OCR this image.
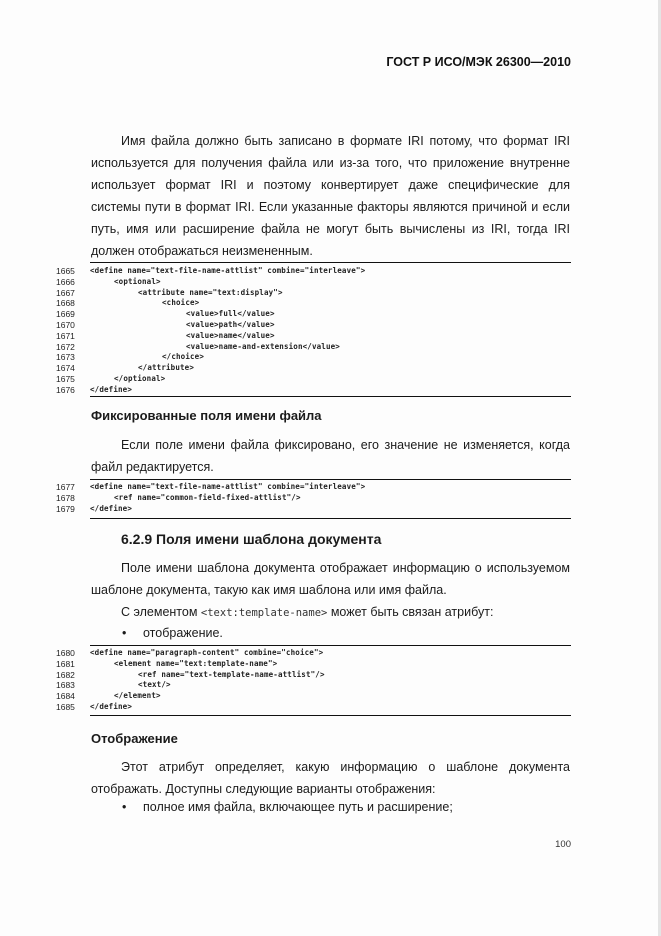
ГОСТ Р ИСО/МЭК 26300—2010

Имя файла должно быть записано в формате IRI потому, что формат IRI используется для получения файла или из-за того, что приложение внутренне использует формат IRI и поэтому конвертирует даже специфические для системы пути в формат IRI. Если указанные факторы являются причиной и если путь, имя или расширение файла не могут быть вычислены из IRI, тогда IRI должен отображаться неизмененным.

1665 <define name="text-file-name-attlist" combine="interleave">
1666	<optional>
1667	<attribute name="text:display">
1668	<choice>
1669	<value>full</value>
1670	<value>path</value>
1671	<value>name</value>
1672	<value>name-and-extension</value>
1673	</choice>
1674	</attribute>
1675	</optional>
1676 </define>
Фиксированные поля имени файла

Если поле имени файла фиксировано, его значение не изменяется, когда файл редактируется.

1677 <define name="text-file-name-attlist" combine="interleave">
1678	<ref name="common-field-fixed-attlist"/>
1679 </define>
6.2.9 Поля имени шаблона документа

Поле имени шаблона документа отображает информацию о используемом шаблоне документа, такую как имя шаблона или имя файла.

С элементом <text:template-name> может быть связан атрибут:

• отображение.
1680 <define name="paragraph-content" combine="choice">
1681	<element name="text:template-name">
1682	<ref name="text-template-name-attlist"/>
1683	<text/>
1684	</element>
1685 </define>
Отображение

Этот атрибут определяет, какую информацию о шаблоне документа отображать. Доступны следующие варианты отображения:

• полное имя файла, включающее путь и расширение;
100
